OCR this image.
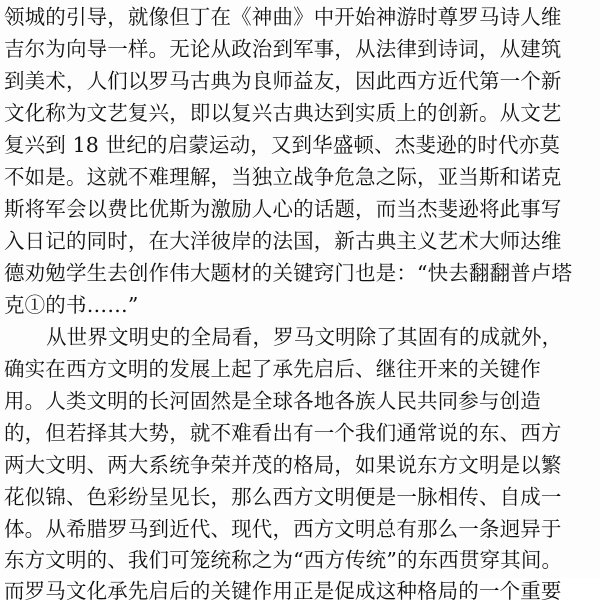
领城的引导，就像但丁在《神曲》中开始神游时尊罗马诗人维
吉尔为向导一样。无论从政治到军事，从法律到诗词，从建筑
到美术，人们以罗马古典为良师益友，因此西方近代第一个新
文化称为文艺复兴，即以复兴古典达到实质上的创新。从文艺
复兴到 18 世纪的启蒙运动，又到华盛顿、杰斐逊的时代亦莫
不如是。这就不难理解，当独立战争危急之际，亚当斯和诺克
斯将军会以费比优斯为激励人心的话题，而当杰斐逊将此事写
入日记的同时，在大洋彼岸的法国，新古典主义艺术大师达维
德劝勉学生去创作伟大题材的关键窍门也是：“快去翻翻普卢塔
克①的书……”
从世界文明史的全局看，罗马文明除了其固有的成就外，
确实在西方文明的发展上起了承先启后、继往开来的关键作
用。人类文明的长河固然是全球各地各族人民共同参与创造
的，但若择其大势，就不难看出有一个我们通常说的东、西方
两大文明、两大系统争荣并茂的格局，如果说东方文明是以繁
花似锦、色彩纷呈见长，那么西方文明便是一脉相传、自成一
体。从希腊罗马到近代、现代，西方文明总有那么一条迥异于
东方文明的、我们可笼统称之为“西方传统”的东西贯穿其间。
而罗马文化承先启后的关键作用正是促成这种格局的一个重要
